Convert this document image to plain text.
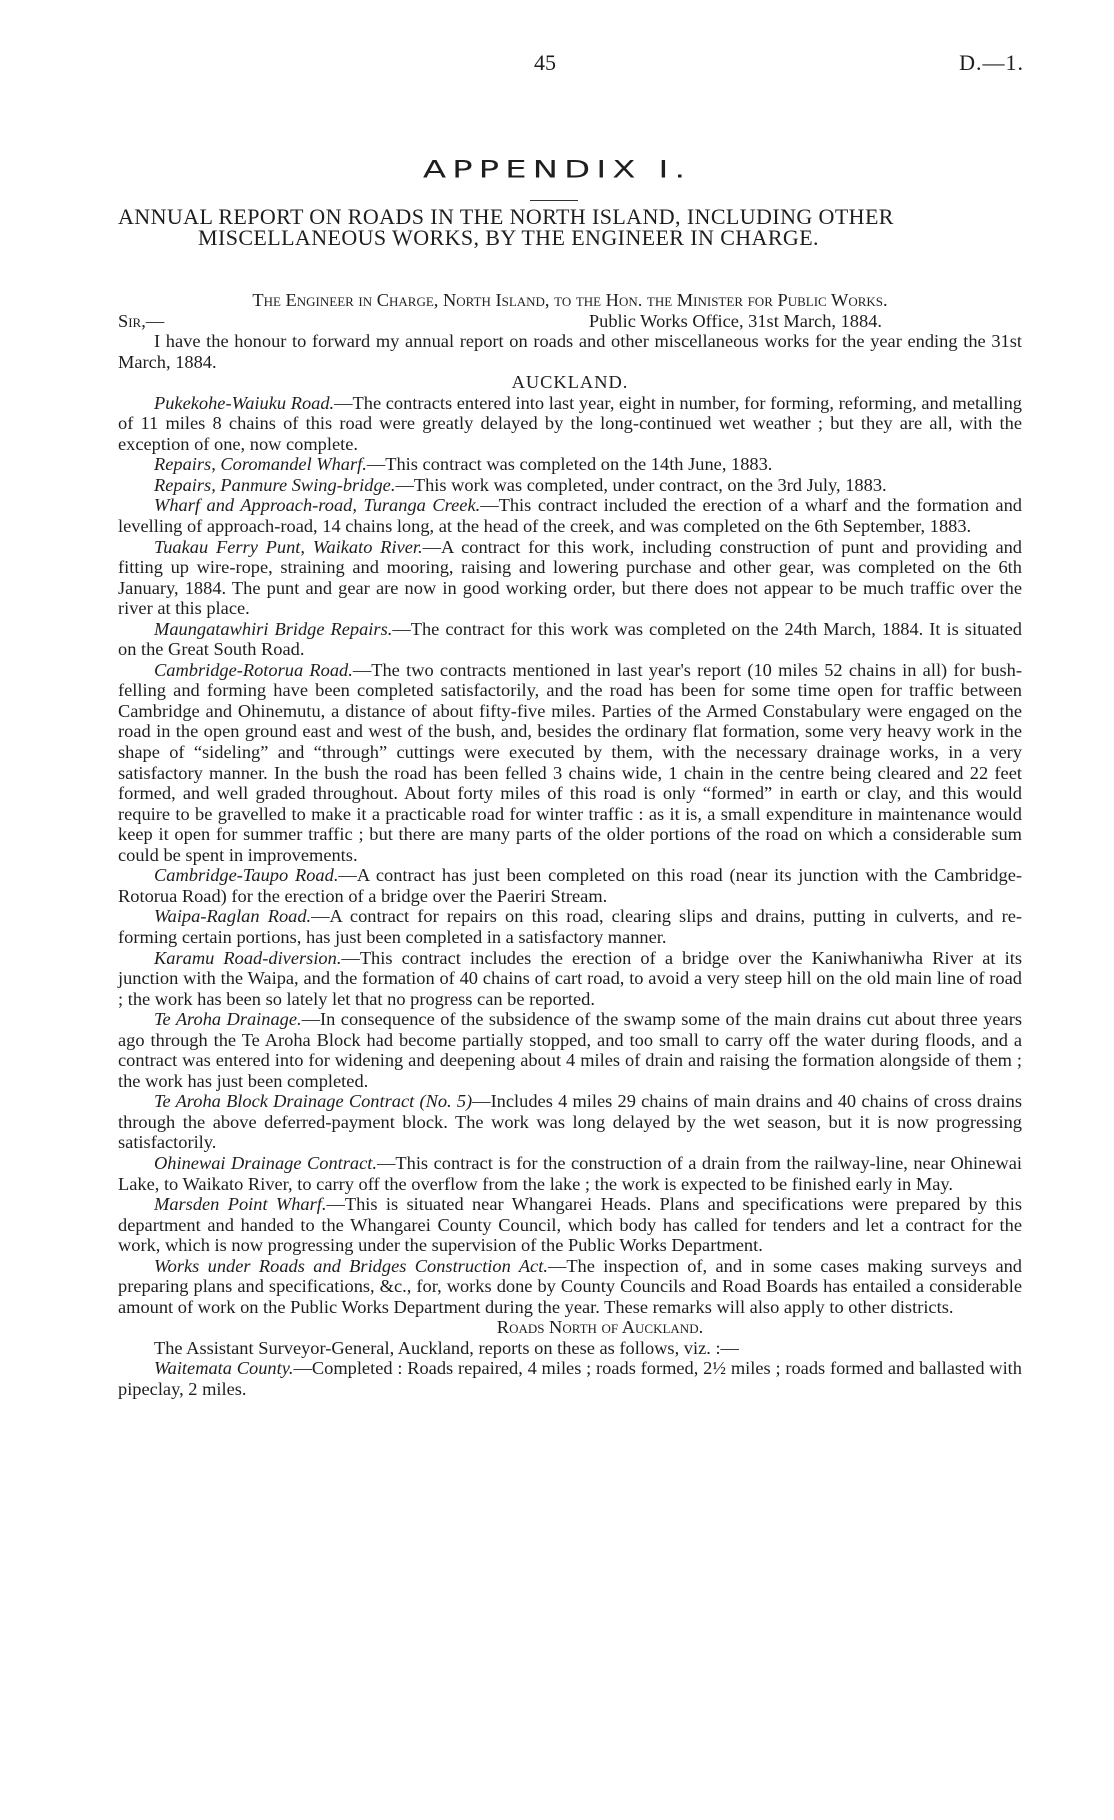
45	D.—1.
APPENDIX I.
ANNUAL REPORT ON ROADS IN THE NORTH ISLAND, INCLUDING OTHER MISCELLANEOUS WORKS, BY THE ENGINEER IN CHARGE.

The Engineer in Charge, North Island, to the Hon. the Minister for Public Works.

Sir,—	Public Works Office, 31st March, 1884.

I have the honour to forward my annual report on roads and other miscellaneous works for the year ending the 31st March, 1884.

AUCKLAND.

Pukekohe-Waiuku Road.—The contracts entered into last year, eight in number, for forming, reforming, and metalling of 11 miles 8 chains of this road were greatly delayed by the long-continued wet weather ; but they are all, with the exception of one, now complete.

Repairs, Coromandel Wharf.—This contract was completed on the 14th June, 1883.

Repairs, Panmure Swing-bridge.—This work was completed, under contract, on the 3rd July, 1883.

Wharf and Approach-road, Turanga Creek.—This contract included the erection of a wharf and the formation and levelling of approach-road, 14 chains long, at the head of the creek, and was completed on the 6th September, 1883.

Tuakau Ferry Punt, Waikato River.—A contract for this work, including construction of punt and providing and fitting up wire-rope, straining and mooring, raising and lowering purchase and other gear, was completed on the 6th January, 1884. The punt and gear are now in good working order, but there does not appear to be much traffic over the river at this place.

Maungatawhiri Bridge Repairs.—The contract for this work was completed on the 24th March, 1884. It is situated on the Great South Road.

Cambridge-Rotorua Road.—The two contracts mentioned in last year's report (10 miles 52 chains in all) for bush-felling and forming have been completed satisfactorily, and the road has been for some time open for traffic between Cambridge and Ohinemutu, a distance of about fifty-five miles. Parties of the Armed Constabulary were engaged on the road in the open ground east and west of the bush, and, besides the ordinary flat formation, some very heavy work in the shape of “sideling” and “through” cuttings were executed by them, with the necessary drainage works, in a very satisfactory manner. In the bush the road has been felled 3 chains wide, 1 chain in the centre being cleared and 22 feet formed, and well graded throughout. About forty miles of this road is only “formed” in earth or clay, and this would require to be gravelled to make it a practicable road for winter traffic : as it is, a small expenditure in maintenance would keep it open for summer traffic ; but there are many parts of the older portions of the road on which a considerable sum could be spent in improvements.

Cambridge-Taupo Road.—A contract has just been completed on this road (near its junction with the Cambridge-Rotorua Road) for the erection of a bridge over the Paeriri Stream.

Waipa-Raglan Road.—A contract for repairs on this road, clearing slips and drains, putting in culverts, and re-forming certain portions, has just been completed in a satisfactory manner.

Karamu Road-diversion.—This contract includes the erection of a bridge over the Kaniwhaniwha River at its junction with the Waipa, and the formation of 40 chains of cart road, to avoid a very steep hill on the old main line of road ; the work has been so lately let that no progress can be reported.

Te Aroha Drainage.—In consequence of the subsidence of the swamp some of the main drains cut about three years ago through the Te Aroha Block had become partially stopped, and too small to carry off the water during floods, and a contract was entered into for widening and deepening about 4 miles of drain and raising the formation alongside of them ; the work has just been completed.

Te Aroha Block Drainage Contract (No. 5)—Includes 4 miles 29 chains of main drains and 40 chains of cross drains through the above deferred-payment block. The work was long delayed by the wet season, but it is now progressing satisfactorily.

Ohinewai Drainage Contract.—This contract is for the construction of a drain from the railway-line, near Ohinewai Lake, to Waikato River, to carry off the overflow from the lake ; the work is expected to be finished early in May.

Marsden Point Wharf.—This is situated near Whangarei Heads. Plans and specifications were prepared by this department and handed to the Whangarei County Council, which body has called for tenders and let a contract for the work, which is now progressing under the supervision of the Public Works Department.

Works under Roads and Bridges Construction Act.—The inspection of, and in some cases making surveys and preparing plans and specifications, &c., for, works done by County Councils and Road Boards has entailed a considerable amount of work on the Public Works Department during the year. These remarks will also apply to other districts.

Roads North of Auckland.

The Assistant Surveyor-General, Auckland, reports on these as follows, viz. :—

Waitemata County.—Completed : Roads repaired, 4 miles ; roads formed, 2½ miles ; roads formed and ballasted with pipeclay, 2 miles.
